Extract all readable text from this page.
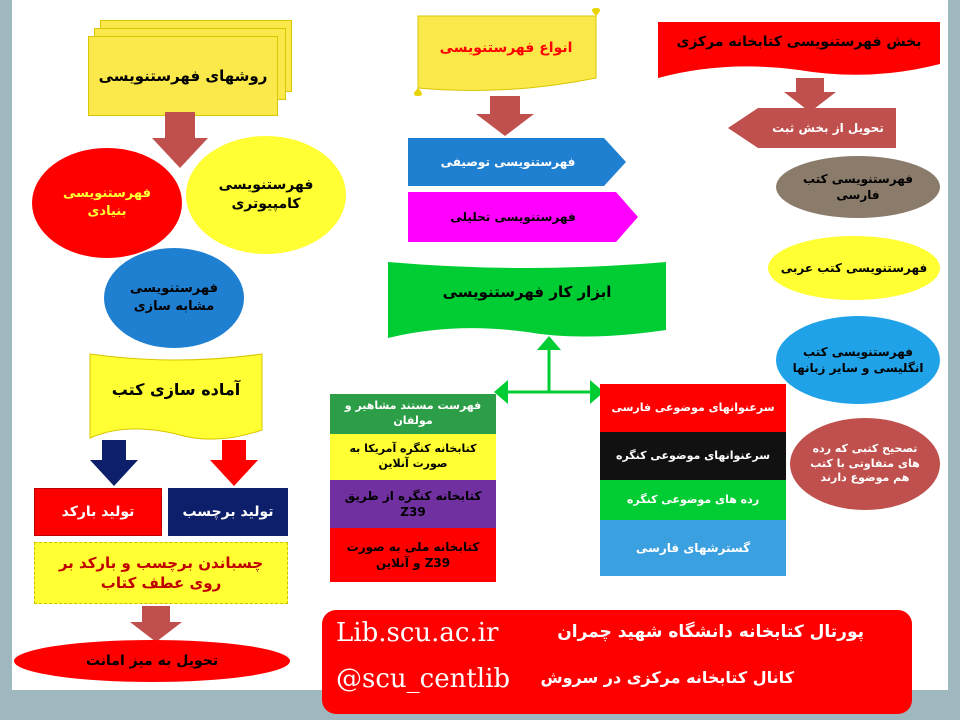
روشهای فهرستنویسی
فهرستنویسی بنیادی
فهرستنویسی کامپیوتری
فهرستنویسی مشابه سازی
آماده سازی کتب
تولید بارکد	تولید برچسب
چسباندن برچسب و بارکد بر روی عطف کتاب
تحویل به میز امانت
انواع فهرستنویسی
فهرستنویسی توصیفی
فهرستنویسی تحلیلی
ابزار کار فهرستنویسی
فهرست مستند مشاهیر و مولفان
کتابخانه کنگره آمریکا به صورت آنلاین
کتابخانه کنگره از طریق Z39
کتابخانه ملی به صورت Z39 و آنلاین
سرعنوانهای موضوعی فارسی
سرعنوانهای موضوعی کنگره
رده های موضوعی کنگره
گسترشهای فارسی
بخش فهرستنویسی کتابخانه مرکزی
تحویل از بخش ثبت
فهرستنویسی کتب فارسی
فهرستنویسی کتب عربی
فهرستنویسی کتب انگلیسی و سایر زبانها
تصحیح کتبی که رده های متفاوتی با کتب هم موضوع دارند
پورتال کتابخانه دانشگاه شهید چمران
Lib.scu.ac.ir
کانال کتابخانه مرکزی در سروش
@scu_centlib
